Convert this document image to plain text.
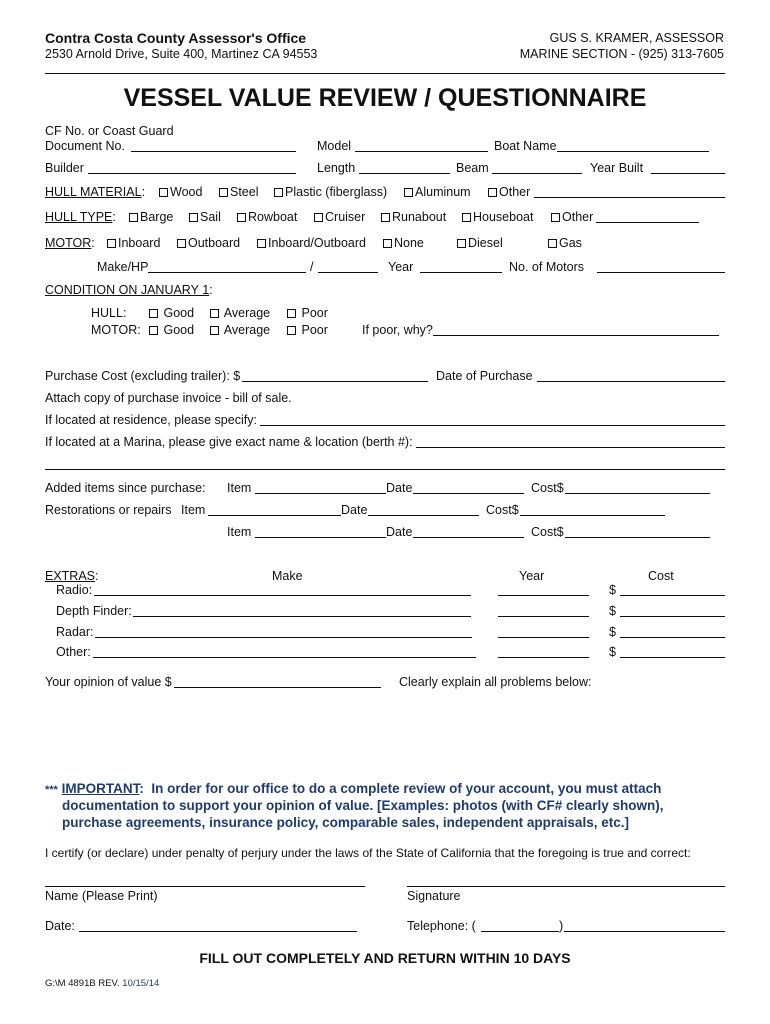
Contra Costa County Assessor's Office
2530 Arnold Drive, Suite 400, Martinez CA 94553
GUS S. KRAMER, ASSESSOR
MARINE SECTION - (925) 313-7605
VESSEL VALUE REVIEW / QUESTIONNAIRE
CF No. or Coast Guard
Document No.	Model	Boat Name
Builder	Length	Beam	Year Built
HULL MATERIAL:	Wood	Steel	Plastic (fiberglass)	Aluminum	Other
HULL TYPE:	Barge	Sail	Rowboat	Cruiser	Runabout	Houseboat	Other
MOTOR:	Inboard	Outboard	Inboard/Outboard	None	Diesel	Gas
Make/HP	/	Year	No. of Motors
CONDITION ON JANUARY 1:
HULL:	Good	Average	Poor
MOTOR:	Good	Average	Poor	If poor, why?
Purchase Cost (excluding trailer): $	Date of Purchase
Attach copy of purchase invoice - bill of sale.
If located at residence, please specify:
If located at a Marina, please give exact name & location (berth #):
Added items since purchase: Item	Date	Cost$
Restorations or repairs Item	Date	Cost$
Item	Date	Cost$
EXTRAS:	Make	Year	Cost
Radio:	$
Depth Finder:	$
Radar:	$
Other:	$
Your opinion of value $	Clearly explain all problems below:
*** IMPORTANT:  In order for our office to do a complete review of your account, you must attach
documentation to support your opinion of value. [Examples: photos (with CF# clearly shown),
purchase agreements, insurance policy, comparable sales, independent appraisals, etc.]
I certify (or declare) under penalty of perjury under the laws of the State of California that the foregoing is true and correct:
Name (Please Print)	Signature
Date:	Telephone: (	)
FILL OUT COMPLETELY AND RETURN WITHIN 10 DAYS
G:\M 4891B REV. 10/15/14
